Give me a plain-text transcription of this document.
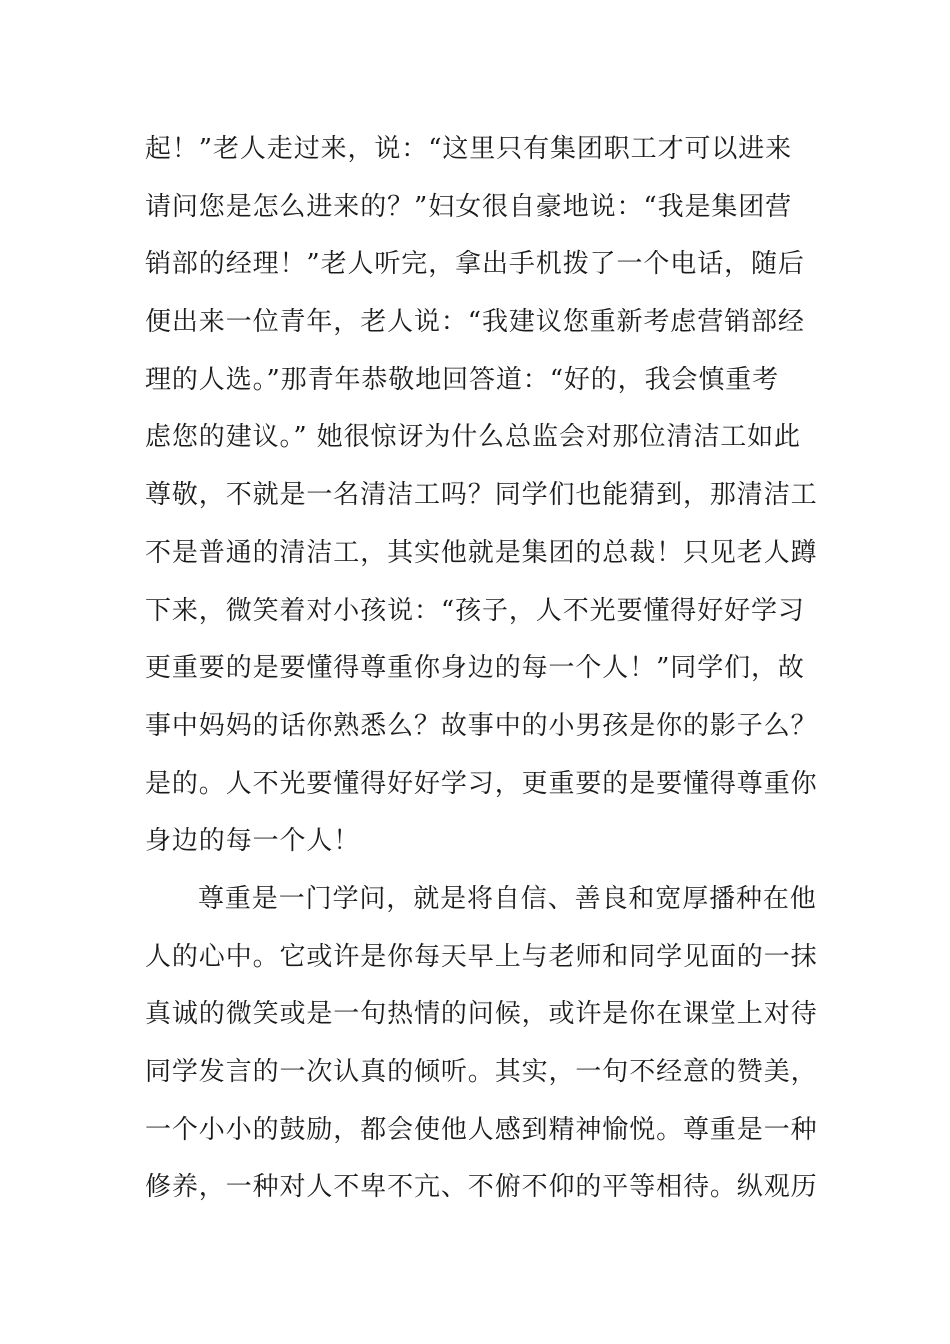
起！”老人走过来，说：“这里只有集团职工才可以进来
请问您是怎么进来的？”妇女很自豪地说：“我是集团营
销部的经理！”老人听完，拿出手机拨了一个电话，随后
便出来一位青年，老人说：“我建议您重新考虑营销部经
理的人选。”那青年恭敬地回答道：“好的，我会慎重考
虑您的建议。” 她很惊讶为什么总监会对那位清洁工如此
尊敬，不就是一名清洁工吗？同学们也能猜到，那清洁工
不是普通的清洁工，其实他就是集团的总裁！只见老人蹲
下来，微笑着对小孩说：“孩子，人不光要懂得好好学习
更重要的是要懂得尊重你身边的每一个人！”同学们，故
事中妈妈的话你熟悉么？故事中的小男孩是你的影子么？
是的。人不光要懂得好好学习，更重要的是要懂得尊重你
身边的每一个人！
尊重是一门学问，就是将自信、善良和宽厚播种在他
人的心中。它或许是你每天早上与老师和同学见面的一抹
真诚的微笑或是一句热情的问候，或许是你在课堂上对待
同学发言的一次认真的倾听。其实，一句不经意的赞美，
一个小小的鼓励，都会使他人感到精神愉悦。尊重是一种
修养，一种对人不卑不亢、不俯不仰的平等相待。纵观历
